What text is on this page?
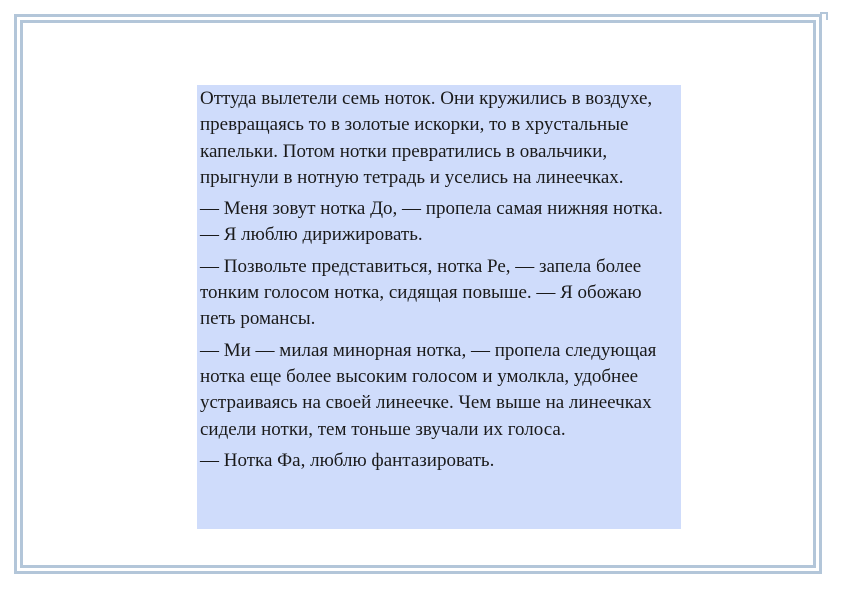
Оттуда вылетели семь ноток. Они кружились в воздухе, превращаясь то в золотые искорки, то в хрустальные капельки. Потом нотки превратились в овальчики, прыгнули в нотную тетрадь и уселись на линеечках.

— Меня зовут нотка До, — пропела самая нижняя нотка. — Я люблю дирижировать.

— Позвольте представиться, нотка Ре, — запела более тонким голосом нотка, сидящая повыше. — Я обожаю петь романсы.

— Ми — милая минорная нотка, — пропела следующая нотка еще более высоким голосом и умолкла, удобнее устраиваясь на своей линеечке. Чем выше на линеечках сидели нотки, тем тоньше звучали их голоса.

— Нотка Фа, люблю фантазировать.
